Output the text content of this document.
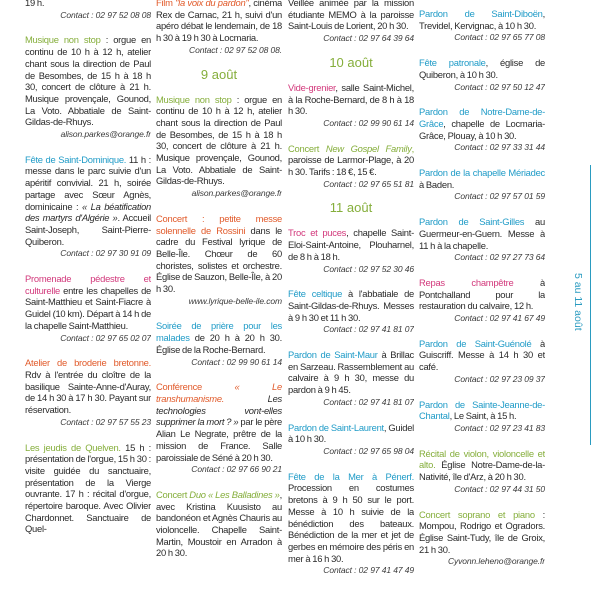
19 h.

Contact : 02 97 52 08 08

Musique non stop : orgue en continu de 10 h à 12 h, atelier chant sous la direction de Paul de Besombes, de 15 h à 18 h 30, concert de clôture à 21 h. Musique provençale, Gounod, La Voto. Abbatiale de Saint-Gildas-de-Rhuys.

alison.parkes@orange.fr

Fête de Saint-Dominique. 11 h : messe dans le parc suivie d'un apéritif convivial. 21 h, soirée partage avec Sœur Agnès, dominicaine : « La béatification des martyrs d'Algérie ». Accueil Saint-Joseph, Saint-Pierre-Quiberon.

Contact : 02 97 30 91 09

Promenade pédestre et culturelle entre les chapelles de Saint-Matthieu et Saint-Fiacre à Guidel (10 km). Départ à 14 h de la chapelle Saint-Matthieu.

Contact : 02 97 65 02 07

Atelier de broderie bretonne. Rdv à l'entrée du cloître de la basilique Sainte-Anne-d'Auray, de 14 h 30 à 17 h 30. Payant sur réservation.

Contact : 02 97 57 55 23

Les jeudis de Quelven. 15 h : présentation de l'orgue, 15 h 30 : visite guidée du sanctuaire, présentation de la Vierge ouvrante. 17 h : récital d'orgue, répertoire baroque. Avec Olivier Chardonnet. Sanctuaire de Quel-

Film "la voix du pardon", cinéma Rex de Carnac, 21 h, suivi d'un apéro débat le lendemain, de 18 h 30 à 19 h 30 à Locmaria.

Contact : 02 97 52 08 08.
9 août

Musique non stop : orgue en continu de 10 h à 12 h, atelier chant sous la direction de Paul de Besombes, de 15 h à 18 h 30, concert de clôture à 21 h. Musique provençale, Gounod, La Voto. Abbatiale de Saint-Gildas-de-Rhuys.

alison.parkes@orange.fr

Concert : petite messe solennelle de Rossini dans le cadre du Festival lyrique de Belle-Île. Chœur de 60 choristes, solistes et orchestre. Église de Sauzon, Belle-Île, à 20 h 30.

www.lyrique-belle-ile.com

Soirée de prière pour les malades de 20 h à 20 h 30. Église de la Roche-Bernard.

Contact : 02 99 90 61 14

Conférence « Le transhumanisme. Les technologies vont-elles supprimer la mort ? » par le père Alian Le Negrate, prêtre de la mission de France. Salle paroissiale de Séné à 20 h 30.

Contact : 02 97 66 90 21

Concert Duo « Les Balladines », avec Kristina Kuusisto au bandonéon et Agnès Chauris au violoncelle. Chapelle Saint-Martin, Moustoir en Arradon à 20 h 30.

Veillée animée par la mission étudiante MEMO à la paroisse Saint-Louis de Lorient, 20 h 30.

Contact : 02 97 64 39 64
10 août

Vide-grenier, salle Saint-Michel, à la Roche-Bernard, de 8 h à 18 h 30.

Contact : 02 99 90 61 14

Concert New Gospel Family, paroisse de Larmor-Plage, à 20 h 30. Tarifs : 18 €, 15 €.

Contact : 02 97 65 51 81
11 août

Troc et puces, chapelle Saint-Eloi-Saint-Antoine, Plouharnel, de 8 h à 18 h.

Contact : 02 97 52 30 46

Fête celtique à l'abbatiale de Saint-Gildas-de-Rhuys. Messes à 9 h 30 et 11 h 30.

Contact : 02 97 41 81 07

Pardon de Saint-Maur à Brillac en Sarzeau. Rassemblement au calvaire à 9 h 30, messe du pardon à 9 h 45.

Contact : 02 97 41 81 07

Pardon de Saint-Laurent, Guidel à 10 h 30.

Contact : 02 97 65 98 04

Fête de la Mer à Pénerf. Procession en costumes bretons à 9 h 50 sur le port. Messe à 10 h suivie de la bénédiction des bateaux. Bénédiction de la mer et jet de gerbes en mémoire des péris en mer à 16 h 30.

Contact : 02 97 41 47 49

Pardon de Saint-Diboën, Trevidel, Kervignac, à 10 h 30.

Contact : 02 97 65 77 08

Fête patronale, église de Quiberon, à 10 h 30.

Contact : 02 97 50 12 47

Pardon de Notre-Dame-de-Grâce, chapelle de Locmaria-Grâce, Plouay, à 10 h 30.

Contact : 02 97 33 31 44

Pardon de la chapelle Mériadec à Baden.

Contact : 02 97 57 01 59

Pardon de Saint-Gilles au Guermeur-en-Guern. Messe à 11 h à la chapelle.

Contact : 02 97 27 73 64

Repas champêtre à Pontchalland pour la restauration du calvaire, 12 h.

Contact : 02 97 41 67 49

Pardon de Saint-Guénolé à Guiscriff. Messe à 14 h 30 et café.

Contact : 02 97 23 09 37

Pardon de Sainte-Jeanne-de-Chantal, Le Saint, à 15 h.

Contact : 02 97 23 41 83

Récital de violon, violoncelle et alto. Église Notre-Dame-de-la-Nativité, île d'Arz, à 20 h 30.

Contact : 02 97 44 31 50

Concert soprano et piano : Mompou, Rodrigo et Ogradors. Église Saint-Tudy, île de Groix, 21 h 30.

Cyvonn.leheno@orange.fr
5 au 11 août
